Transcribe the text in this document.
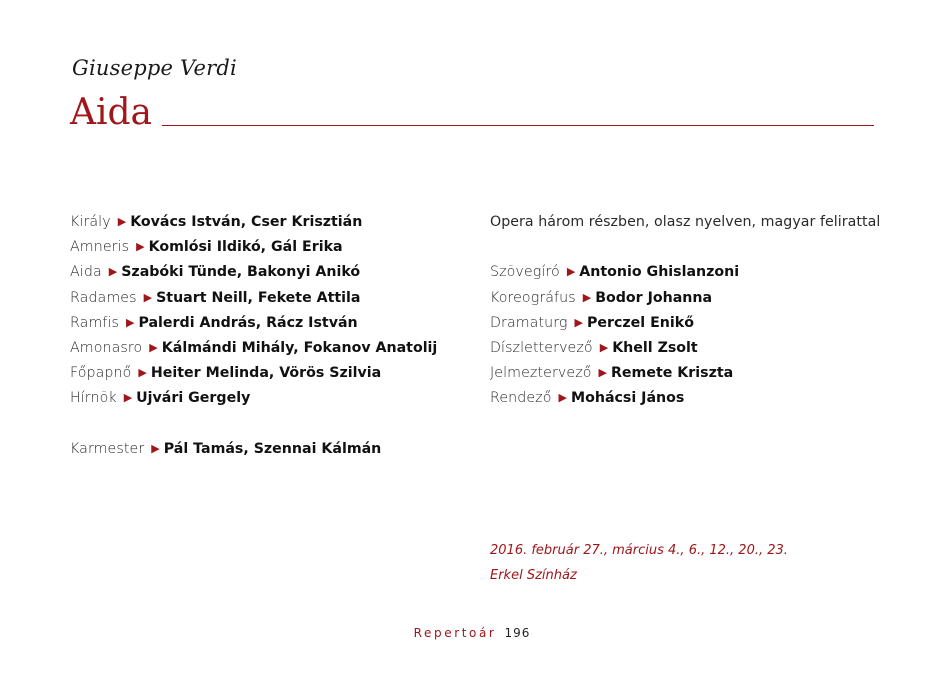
Giuseppe Verdi
Aida
Király ▶ Kovács István, Cser Krisztián
Amneris ▶ Komlósi Ildikó, Gál Erika
Aida ▶ Szabóki Tünde, Bakonyi Anikó
Radames ▶ Stuart Neill, Fekete Attila
Ramfis ▶ Palerdi András, Rácz István
Amonasro ▶ Kálmándi Mihály, Fokanov Anatolij
Főpapnő ▶ Heiter Melinda, Vörös Szilvia
Hírnök ▶ Ujvári Gergely
Karmester ▶ Pál Tamás, Szennai Kálmán
Opera három részben, olasz nyelven, magyar felirattal
Szövegíró ▶ Antonio Ghislanzoni
Koreográfus ▶ Bodor Johanna
Dramaturg ▶ Perczel Enikő
Díszlettervező ▶ Khell Zsolt
Jelmeztervező ▶ Remete Kriszta
Rendező ▶ Mohácsi János
2016. február 27., március 4., 6., 12., 20., 23.
Erkel Színház
Repertoár 196
